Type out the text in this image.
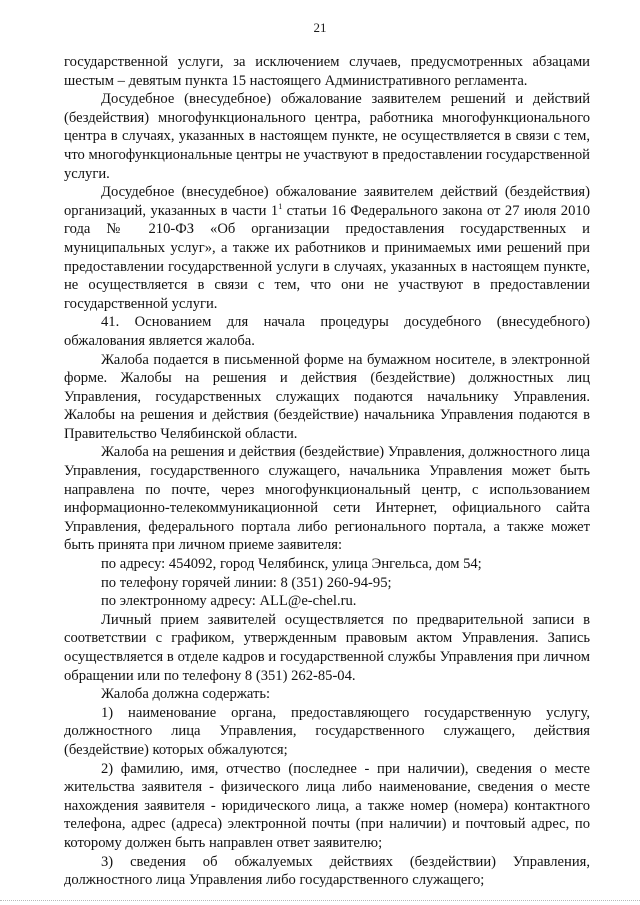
21

государственной услуги, за исключением случаев, предусмотренных абзацами шестым – девятым пункта 15 настоящего Административного регламента.

Досудебное (внесудебное) обжалование заявителем решений и действий (бездействия) многофункционального центра, работника многофункционального центра в случаях, указанных в настоящем пункте, не осуществляется в связи с тем, что многофункциональные центры не участвуют в предоставлении государственной услуги.

Досудебное (внесудебное) обжалование заявителем действий (бездействия) организаций, указанных в части $1^1$ статьи 16 Федерального закона от 27 июля 2010 года № 210-ФЗ «Об организации предоставления государственных и муниципальных услуг», а также их работников и принимаемых ими решений при предоставлении государственной услуги в случаях, указанных в настоящем пункте, не осуществляется в связи с тем, что они не участвуют в предоставлении государственной услуги.

41. Основанием для начала процедуры досудебного (внесудебного) обжалования является жалоба.

Жалоба подается в письменной форме на бумажном носителе, в электронной форме. Жалобы на решения и действия (бездействие) должностных лиц Управления, государственных служащих подаются начальнику Управления. Жалобы на решения и действия (бездействие) начальника Управления подаются в Правительство Челябинской области.

Жалоба на решения и действия (бездействие) Управления, должностного лица Управления, государственного служащего, начальника Управления может быть направлена по почте, через многофункциональный центр, с использованием информационно-телекоммуникационной сети Интернет, официального сайта Управления, федерального портала либо регионального портала, а также может быть принята при личном приеме заявителя:

по адресу: 454092, город Челябинск, улица Энгельса, дом 54;

по телефону горячей линии: 8 (351) 260-94-95;

по электронному адресу: ALL@e-chel.ru.

Личный прием заявителей осуществляется по предварительной записи в соответствии с графиком, утвержденным правовым актом Управления. Запись осуществляется в отделе кадров и государственной службы Управления при личном обращении или по телефону 8 (351) 262-85-04.

Жалоба должна содержать:

1) наименование органа, предоставляющего государственную услугу, должностного лица Управления, государственного служащего, действия (бездействие) которых обжалуются;

2) фамилию, имя, отчество (последнее - при наличии), сведения о месте жительства заявителя - физического лица либо наименование, сведения о месте нахождения заявителя - юридического лица, а также номер (номера) контактного телефона, адрес (адреса) электронной почты (при наличии) и почтовый адрес, по которому должен быть направлен ответ заявителю;

3) сведения об обжалуемых действиях (бездействии) Управления, должностного лица Управления либо государственного служащего;
